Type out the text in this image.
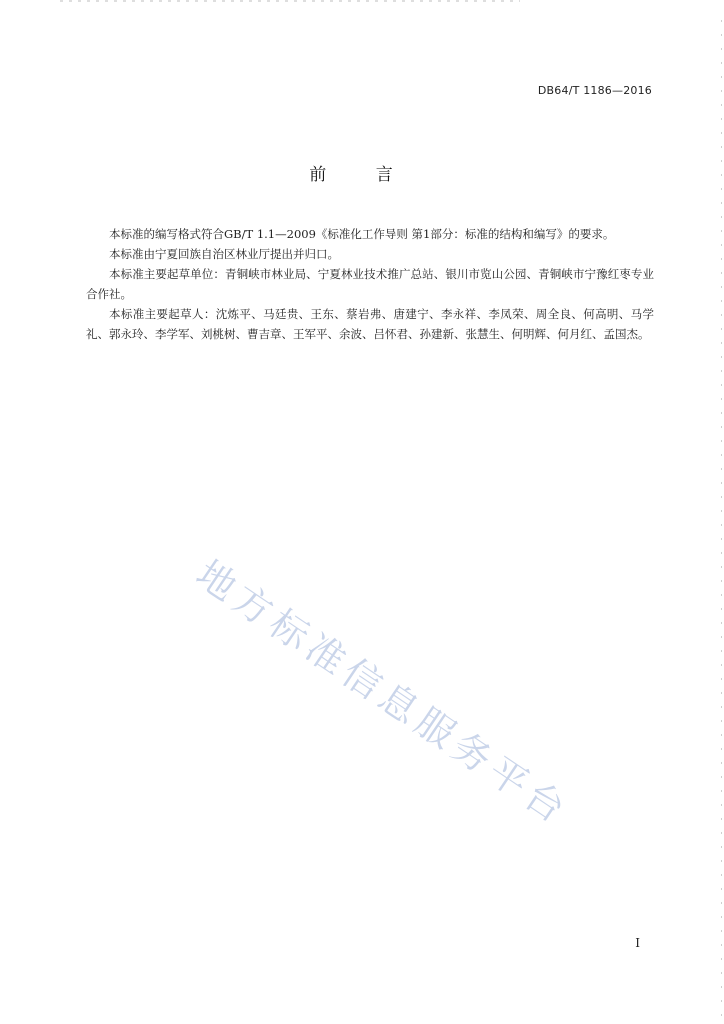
DB64/T 1186—2016
前 言

本标准的编写格式符合GB/T 1.1—2009《标准化工作导则 第1部分：标准的结构和编写》的要求。

本标准由宁夏回族自治区林业厅提出并归口。

本标准主要起草单位：青铜峡市林业局、宁夏林业技术推广总站、银川市览山公园、青铜峡市宁豫红枣专业合作社。

本标准主要起草人：沈炼平、马廷贵、王东、蔡岩弗、唐建宁、李永祥、李凤荣、周全良、何高明、马学礼、郭永玲、李学军、刘桃树、曹吉章、王军平、余波、吕怀君、孙建新、张慧生、何明辉、何月红、孟国杰。

地方标准信息服务平台
I
